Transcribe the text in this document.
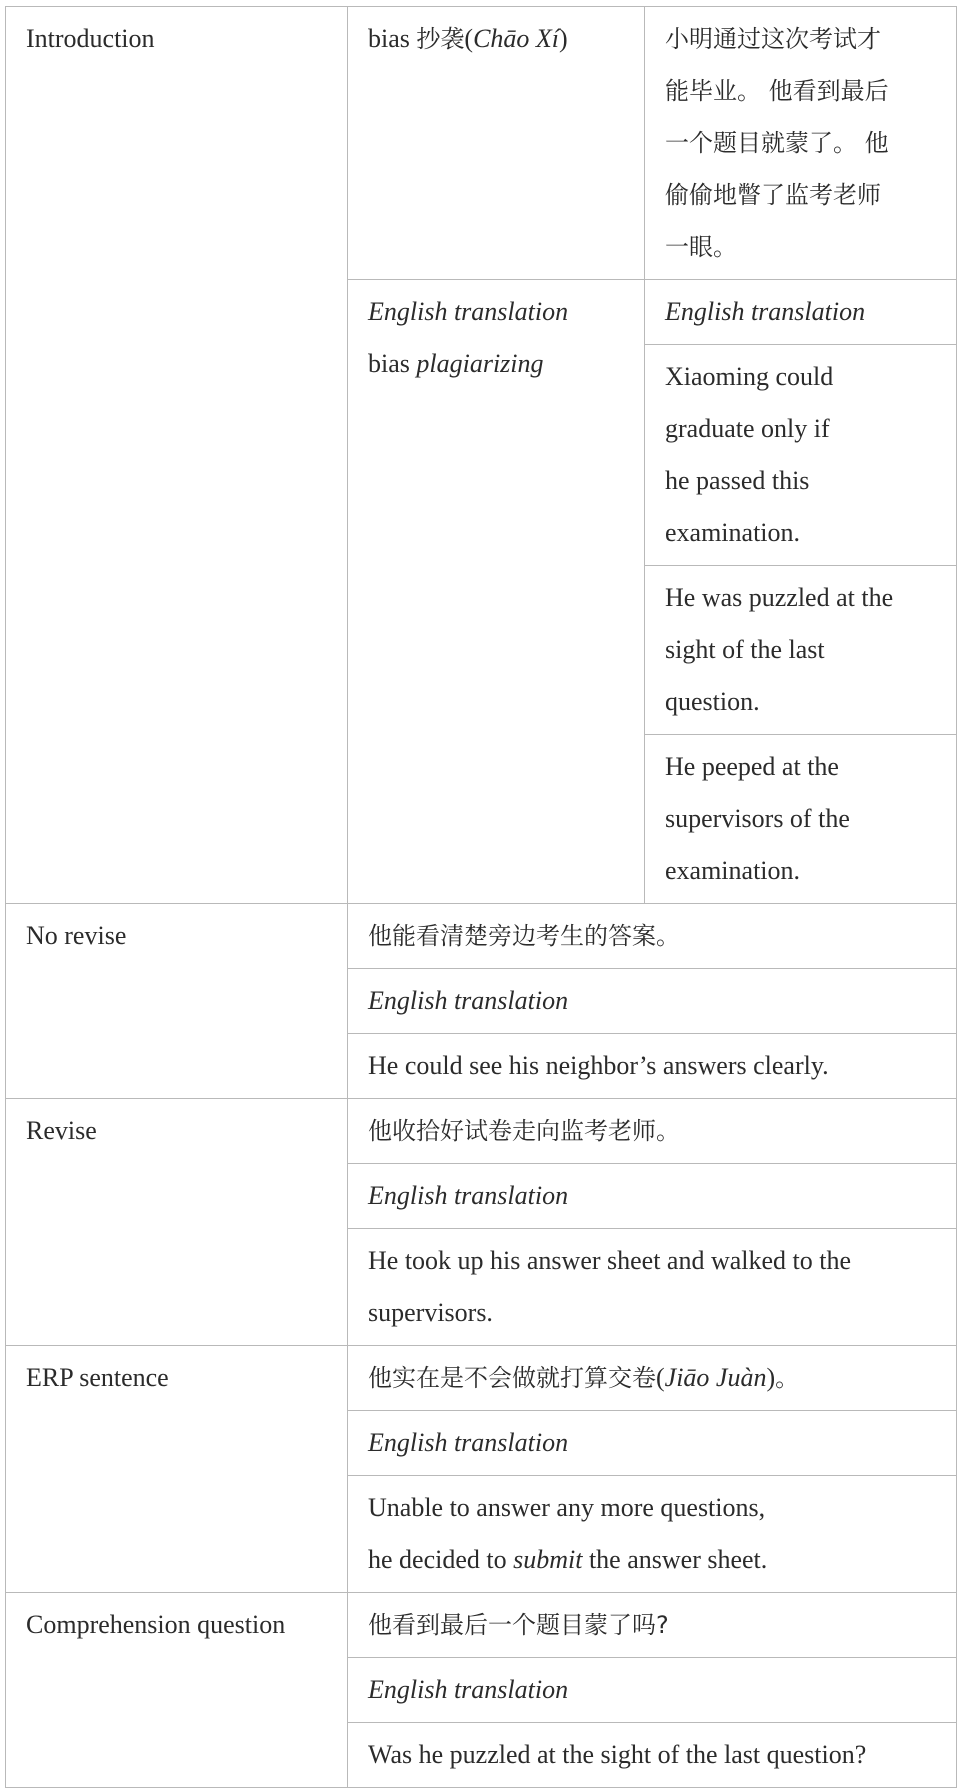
Introduction	bias 抄袭(Chāo Xí)	小明通过这次考试才
能毕业。 他看到最后
一个题目就蒙了。 他
偷偷地瞥了监考老师
一眼。

	English translation
bias plagiarizing	English translation

		Xiaoming could
graduate only if
he passed this
examination.

		He was puzzled at the
sight of the last
question.

		He peeped at the
supervisors of the
examination.

No revise	他能看清楚旁边考生的答案。	
	English translation	
	He could see his neighbor’s answers clearly.	
Revise	他收拾好试卷走向监考老师。	
	English translation	

	He took up his answer sheet and walked to the
supervisors.	

ERP sentence	他实在是不会做就打算交卷(Jiāo Juàn)。	
	English translation	

	Unable to answer any more questions,
he decided to submit the answer sheet.	

Comprehension question	他看到最后一个题目蒙了吗?	
	English translation	
	Was he puzzled at the sight of the last question?	
